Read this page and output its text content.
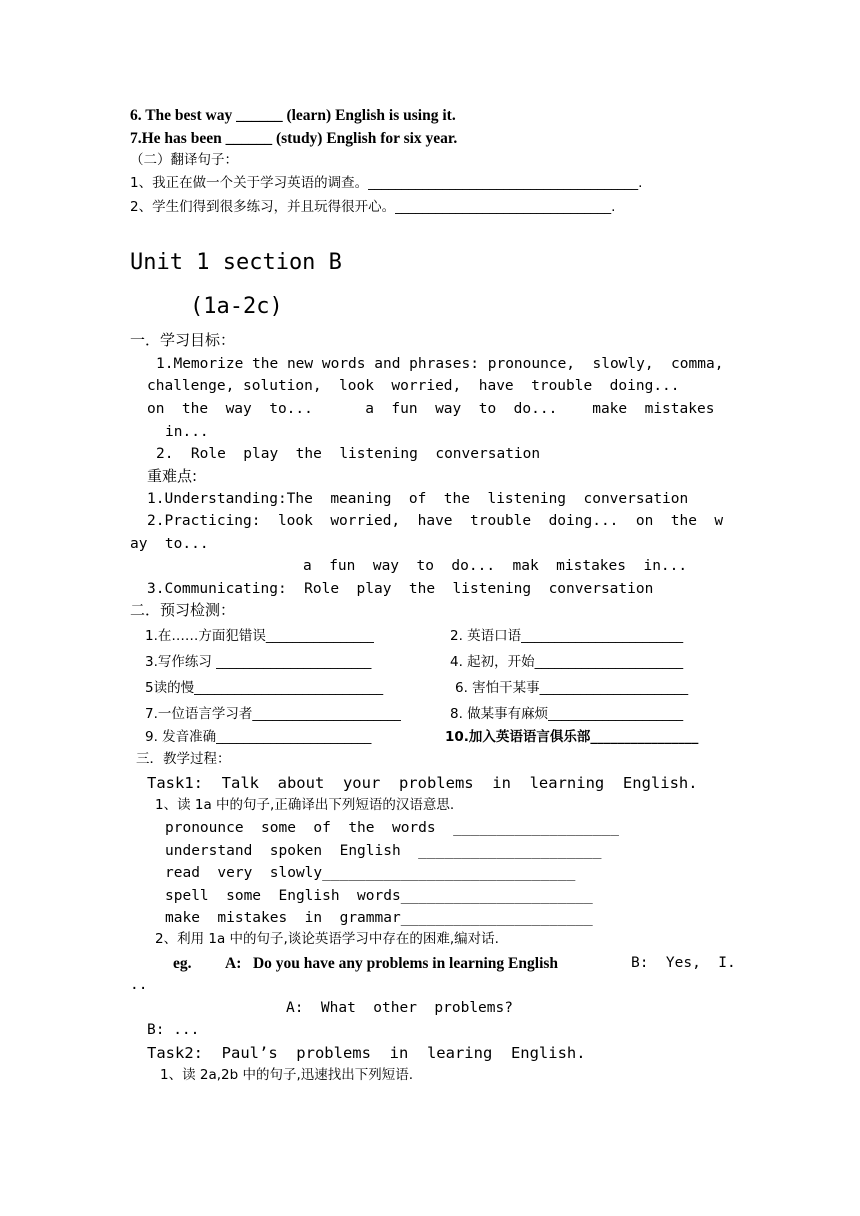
6. The best way ______ (learn) English is using it.
7.He has been ______ (study) English for six year.
（二）翻译句子：
1、我正在做一个关于学习英语的调查。________________________________________.
2、学生们得到很多练习，并且玩得很开心。________________________________.
Unit 1 section B
(1a-2c)
一．学习目标：
1.Memorize the new words and phrases: pronounce,  slowly,  comma,
challenge, solution,  look  worried,  have  trouble  doing...
on  the  way  to...      a  fun  way  to  do...    make  mistakes
in...
2.  Role  play  the  listening  conversation
重难点:
1.Understanding:The  meaning  of  the  listening  conversation
2.Practicing:  look  worried,  have  trouble  doing...  on  the  w
ay  to...
a  fun  way  to  do...  mak  mistakes  in...
3.Communicating:  Role  play  the  listening  conversation
二．预习检测：
1.在……方面犯错误________________	2. 英语口语________________________
3.写作练习 _______________________	4. 起初，开始______________________
5读的慢____________________________	6. 害怕干某事______________________
7.一位语言学习者______________________	8. 做某事有麻烦____________________
9. 发音准确_______________________	10.加入英语语言俱乐部________________
三．教学过程：
Task1:  Talk  about  your  problems  in  learning  English.
1、读 1a 中的句子,正确译出下列短语的汉语意思.
pronounce  some  of  the  words  ___________________
understand  spoken  English  _____________________
read  very  slowly_____________________________
spell  some  English  words______________________
make  mistakes  in  grammar______________________
2、利用 1a 中的句子,谈论英语学习中存在的困难,编对话.
eg. A:   Do you have any problems in learning English	B:  Yes,  I.
..
A:  What  other  problems?
B: ...
Task2:  Paul’s  problems  in  learing  English.
1、读 2a,2b 中的句子,迅速找出下列短语.
